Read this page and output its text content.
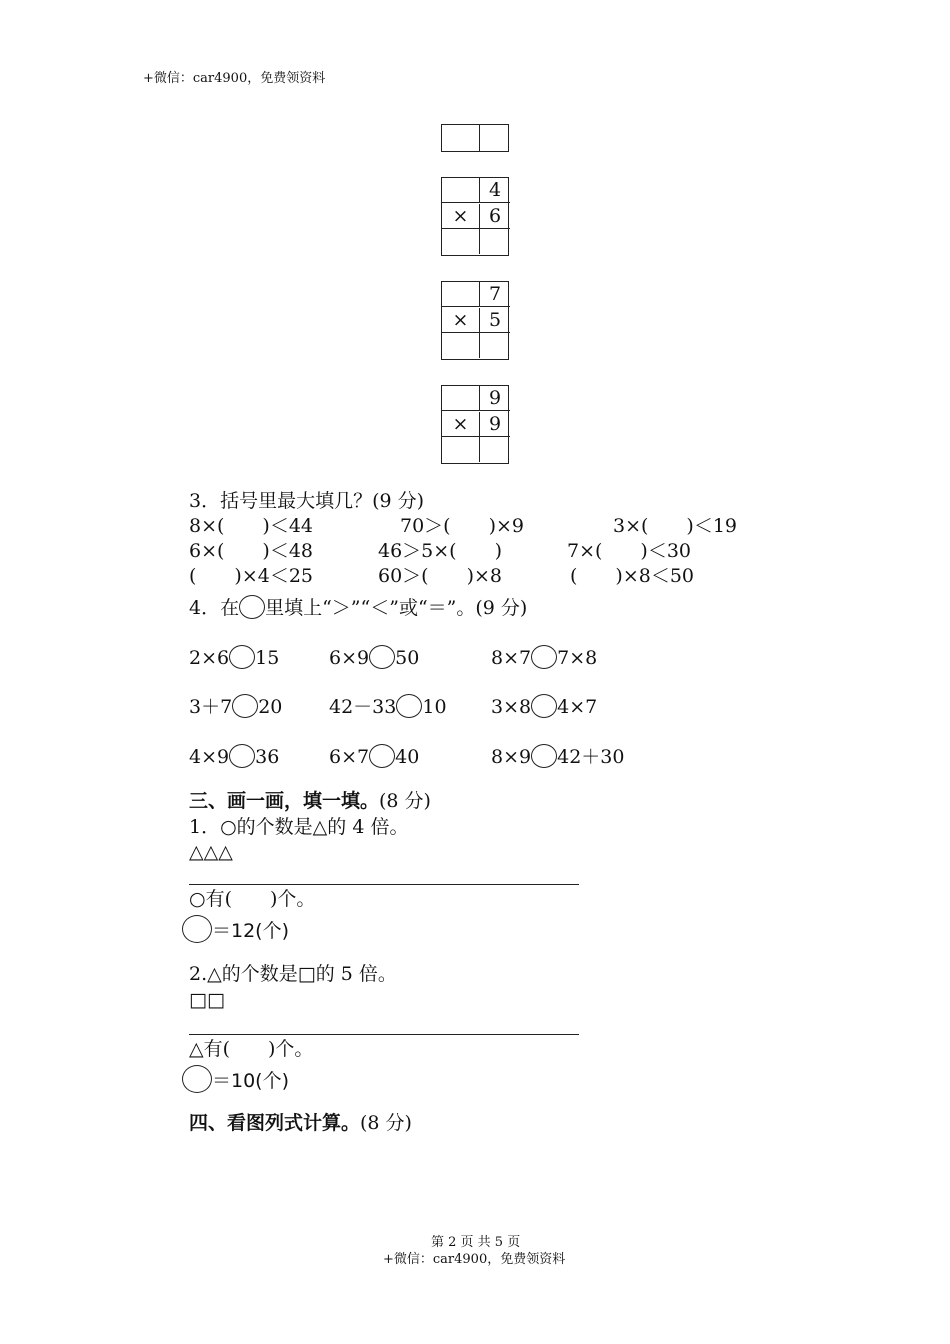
+微信：car4900，免费领资料
4
×	6
7
×	5
9
×	9
3．括号里最大填几？(9 分)
8×(　　)＜44	70＞(　　)×9	3×(　　)＜19
6×(　　)＜48	46＞5×(　　)	7×(　　)＜30
(　　)×4＜25	60＞(　　)×8	(　　)×8＜50
4．在 里填上“＞”“＜”或“＝”。(9 分)
2×6 15	6×9 50	8×7 7×8
3＋7 20 42－33 10 3×8 4×7
4×9 36	6×7 40	8×9 42＋30
三、画一画，填一填。(8 分)
1．○的个数是△的 4 倍。
△△△
○有(　　)个。
＝12(个)
2.△的个数是□的 5 倍。
□□
△有(　　)个。
＝10(个)
四、看图列式计算。(8 分)
第 2 页 共 5 页
+微信：car4900，免费领资料
